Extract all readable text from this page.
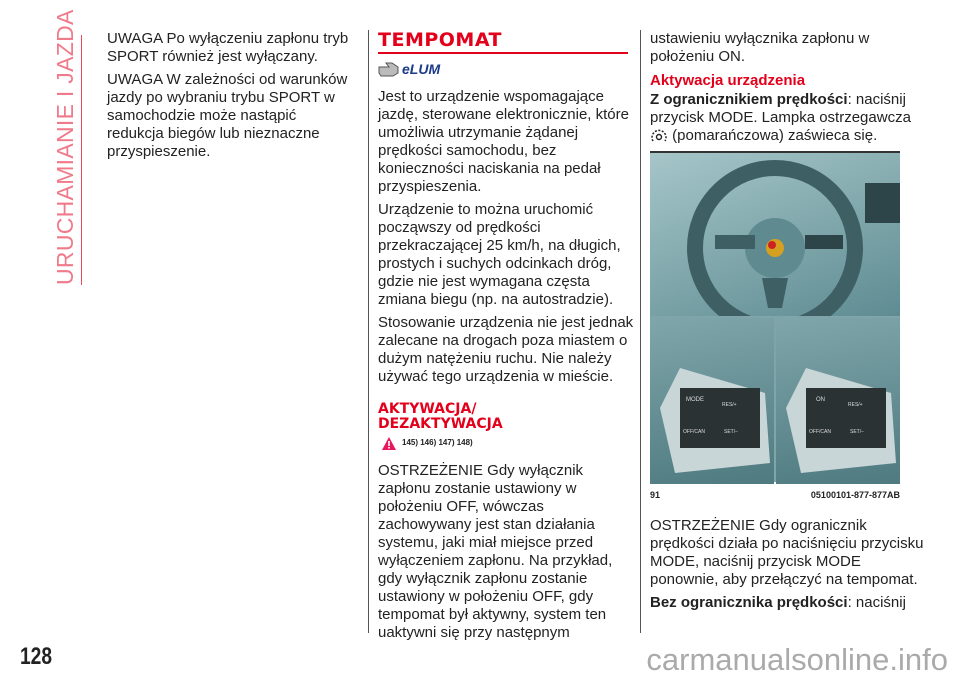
URUCHAMIANIE I JAZDA UWAGA Po wyłączeniu zapłonu tryb SPORT również jest wyłączany.

UWAGA W zależności od warunków jazdy po wybraniu trybu SPORT w samochodzie może nastąpić redukcja biegów lub nieznaczne przyspieszenie.

TEMPOMAT
eLUM

Jest to urządzenie wspomagające jazdę, sterowane elektronicznie, które umożliwia utrzymanie żądanej prędkości samochodu, bez konieczności naciskania na pedał przyspieszenia.

Urządzenie to można uruchomić począwszy od prędkości przekraczającej 25 km/h, na długich, prostych i suchych odcinkach dróg, gdzie nie jest wymagana częsta zmiana biegu (np. na autostradzie).

Stosowanie urządzenia nie jest jednak zalecane na drogach poza miastem o dużym natężeniu ruchu. Nie należy używać tego urządzenia w mieście.

AKTYWACJA/
DEZAKTYWACJA
145) 146) 147) 148)

OSTRZEŻENIE Gdy wyłącznik zapłonu zostanie ustawiony w położeniu OFF, wówczas zachowywany jest stan działania systemu, jaki miał miejsce przed wyłączeniem zapłonu. Na przykład, gdy wyłącznik zapłonu zostanie ustawiony w położeniu OFF, gdy tempomat był aktywny, system ten uaktywni się przy następnym

ustawieniu wyłącznika zapłonu w położeniu ON.

Aktywacja urządzenia

Z ogranicznikiem prędkości: naciśnij przycisk MODE. Lampka ostrzegawcza
(pomarańczowa) zaświeca się.

MODE
RES/+
OFF/CAN	SET/−
ON
RES/+
OFF/CAN	SET/−
91	05100101-877-877AB

OSTRZEŻENIE Gdy ogranicznik prędkości działa po naciśnięciu przycisku MODE, naciśnij przycisk MODE ponownie, aby przełączyć na tempomat.

Bez ogranicznika prędkości: naciśnij

128	carmanualsonline.info
